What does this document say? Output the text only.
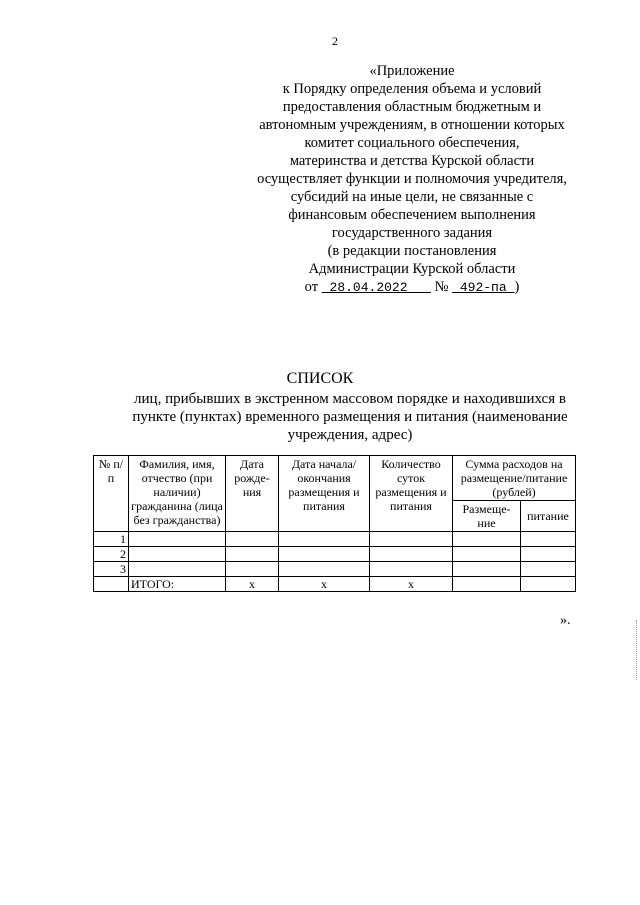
2
«Приложение
к Порядку определения объема и условий
предоставления областным бюджетным и
автономным учреждениям, в отношении которых
комитет социального обеспечения,
материнства и детства Курской области
осуществляет функции и полномочия учредителя,
субсидий на иные цели, не связанные с
финансовым обеспечением выполнения
государственного задания
(в редакции постановления
Администрации Курской области
от 28.04.2022 № 492-па )
СПИСОК
лиц, прибывших в экстренном массовом порядке и находившихся в
пункте (пунктах) временного размещения и питания (наименование
учреждения, адрес)
№ п/п	Фамилия, имя, отчество (при наличии) гражданина (лица без гражданства)	Дата рожде-ния	Дата начала/ окончания размещения и питания	Количество суток размещения и питания	Сумма расходов на размещение/питание (рублей)	
					Размеще-ние	питание
1						
2						
3						
	ИТОГО:	х	х	х		
».
